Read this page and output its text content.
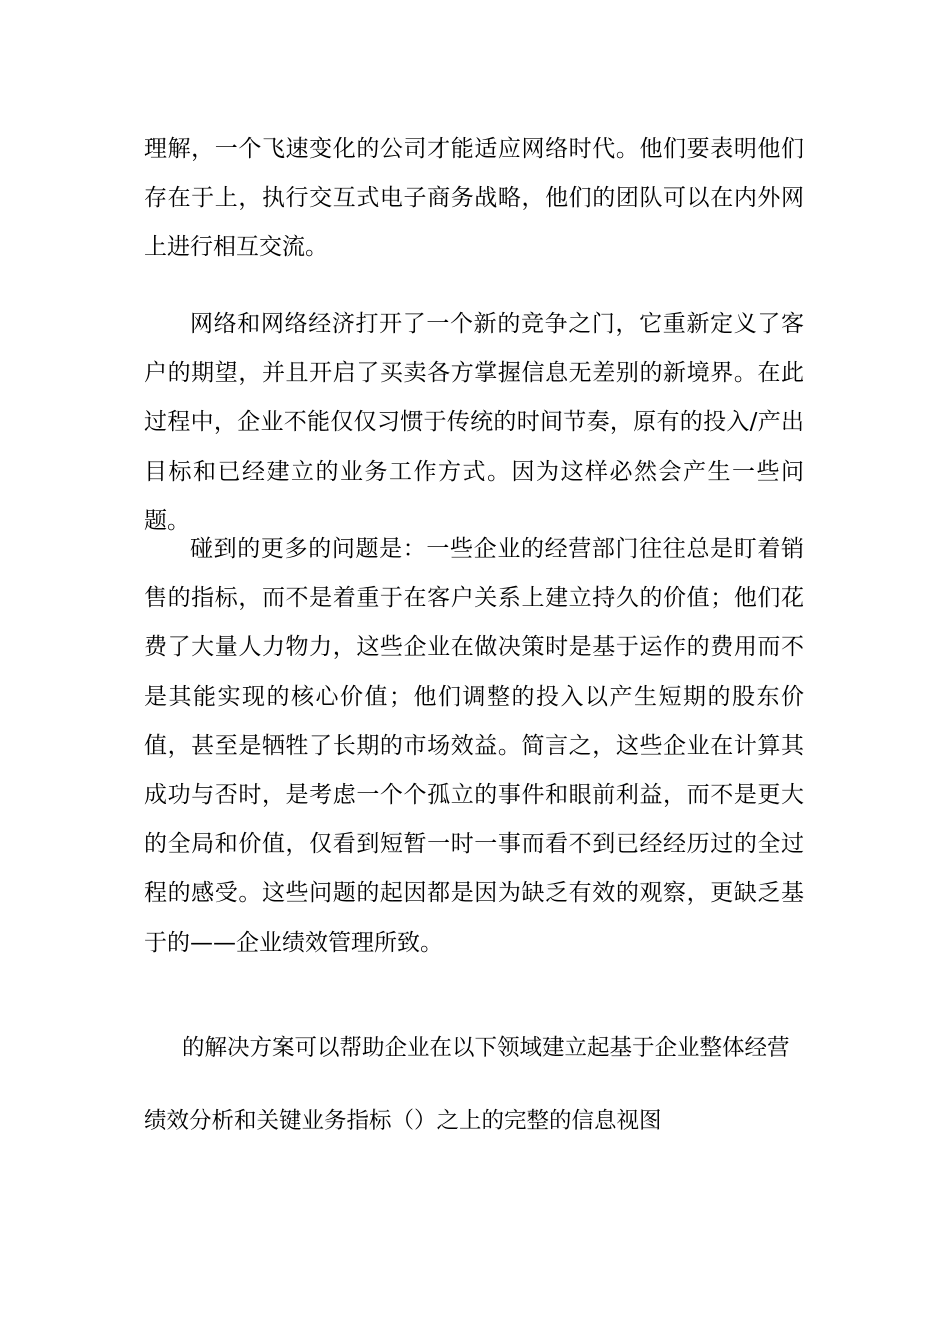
理解，一个飞速变化的公司才能适应网络时代。他们要表明他们存在于上，执行交互式电子商务战略，他们的团队可以在内外网上进行相互交流。

网络和网络经济打开了一个新的竞争之门，它重新定义了客户的期望，并且开启了买卖各方掌握信息无差别的新境界。在此过程中，企业不能仅仅习惯于传统的时间节奏，原有的投入/产出目标和已经建立的业务工作方式。因为这样必然会产生一些问题。

碰到的更多的问题是：一些企业的经营部门往往总是盯着销售的指标，而不是着重于在客户关系上建立持久的价值；他们花费了大量人力物力，这些企业在做决策时是基于运作的费用而不是其能实现的核心价值；他们调整的投入以产生短期的股东价值，甚至是牺牲了长期的市场效益。简言之，这些企业在计算其成功与否时，是考虑一个个孤立的事件和眼前利益，而不是更大的全局和价值，仅看到短暂一时一事而看不到已经经历过的全过程的感受。这些问题的起因都是因为缺乏有效的观察，更缺乏基于的——企业绩效管理所致。

的解决方案可以帮助企业在以下领域建立起基于企业整体经营

绩效分析和关键业务指标（）之上的完整的信息视图
